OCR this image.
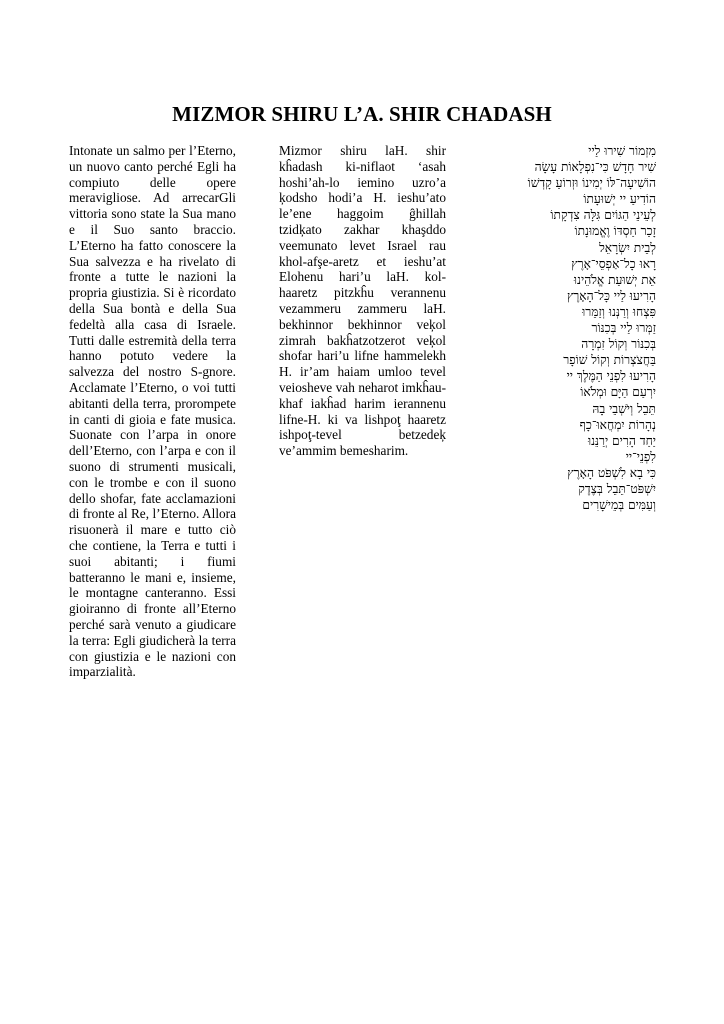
MIZMOR SHIRU L’A. SHIR CHADASH

Intonate un salmo per l’Eterno, un nuovo canto perché Egli ha compiuto delle opere meravigliose. Ad arrecarGli vittoria sono state la Sua mano e il Suo santo braccio. L’Eterno ha fatto conoscere la Sua salvezza e ha rivelato di fronte a tutte le nazioni la propria giustizia. Si è ricordato della Sua bontà e della Sua fedeltà alla casa di Israele. Tutti dalle estremità della terra hanno potuto vedere la salvezza del nostro S-gnore. Acclamate l’Eterno, o voi tutti abitanti della terra, prorompete in canti di gioia e fate musica. Suonate con l’arpa in onore dell’Eterno, con l’arpa e con il suono di strumenti musicali, con le trombe e con il suono dello shofar, fate acclamazioni di fronte al Re, l’Eterno. Allora risuonerà il mare e tutto ciò che contiene, la Terra e tutti i suoi abitanti; i fiumi batteranno le mani e, insieme, le montagne canteranno. Essi gioiranno di fronte all’Eterno perché sarà venuto a giudicare la terra: Egli giudicherà la terra con giustizia e le nazioni con imparzialità.

Mizmor shiru laH. shir kĥadash ki-niflaot ‘asah hoshi’ah-lo iemino uzro’a ķodsho hodi’a H. ieshu’ato le’ene haggoim ĝhillah tzidķato zakhar khaşddo veemunato levet Israel rau khol-afşe-aretz et ieshu’at Elohenu hari’u laH. kol-haaretz pitzkĥu verannenu vezammeru zammeru laH. bekhinnor bekhinnor veķol zimrah bakĥatzotzerot veķol shofar hari’u lifne hammelekh H. ir’am haiam umloo tevel veiosheve vah neharot imkĥau-khaf iakĥad harim ierannenu lifne-H. ki va lishpoţ haaretz ishpoţ-tevel betzedeķ ve’ammim bemesharim.

מִזְמוֹר שִׁירוּ לַיי
שִׁיר חָדָשׁ כִּי־נִפְלָאוֹת עָשָׂה
הוֹשִׁיעָה־לּוֹ יְמִינוֹ וּזְרוֹעַ קָדְשׁוֹ
הוֹדִיעַ יי יְשׁוּעָתוֹ
לְעֵינֵי הַגּוֹיִם גִּלָּה צִדְקָתוֹ
זָכַר חַסְדּוֹ וֶאֱמוּנָתוֹ
לְבֵית יִשְׂרָאֵל
רָאוּ כָל־אַפְסֵי־אָרֶץ
אֵת יְשׁוּעַת אֱלֹהֵינוּ
הָרִיעוּ לַיי כָּל־הָאָרֶץ
פִּצְחוּ וְרַנְּנוּ וְזַמֵּרוּ
זַמְּרוּ לַיי בְּכִנּוֹר
בְּכִנּוֹר וְקוֹל זִמְרָה
בַּחֲצֹצְרוֹת וְקוֹל שׁוֹפָר
הָרִיעוּ לִפְנֵי הַמֶּלֶךְ יי
יִרְעַם הַיָּם וּמְלֹאוֹ
תֵּבֵל וְיֹשְׁבֵי בָהּ
נְהָרוֹת יִמְחֲאוּ־כָף
יַחַד הָרִים יְרַנֵּנוּ
לִפְנֵי־יי
כִּי בָא לִשְׁפֹּט הָאָרֶץ
יִשְׁפֹּט־תֵּבֵל בְּצֶדֶק
וְעַמִּים בְּמֵישָׁרִים
